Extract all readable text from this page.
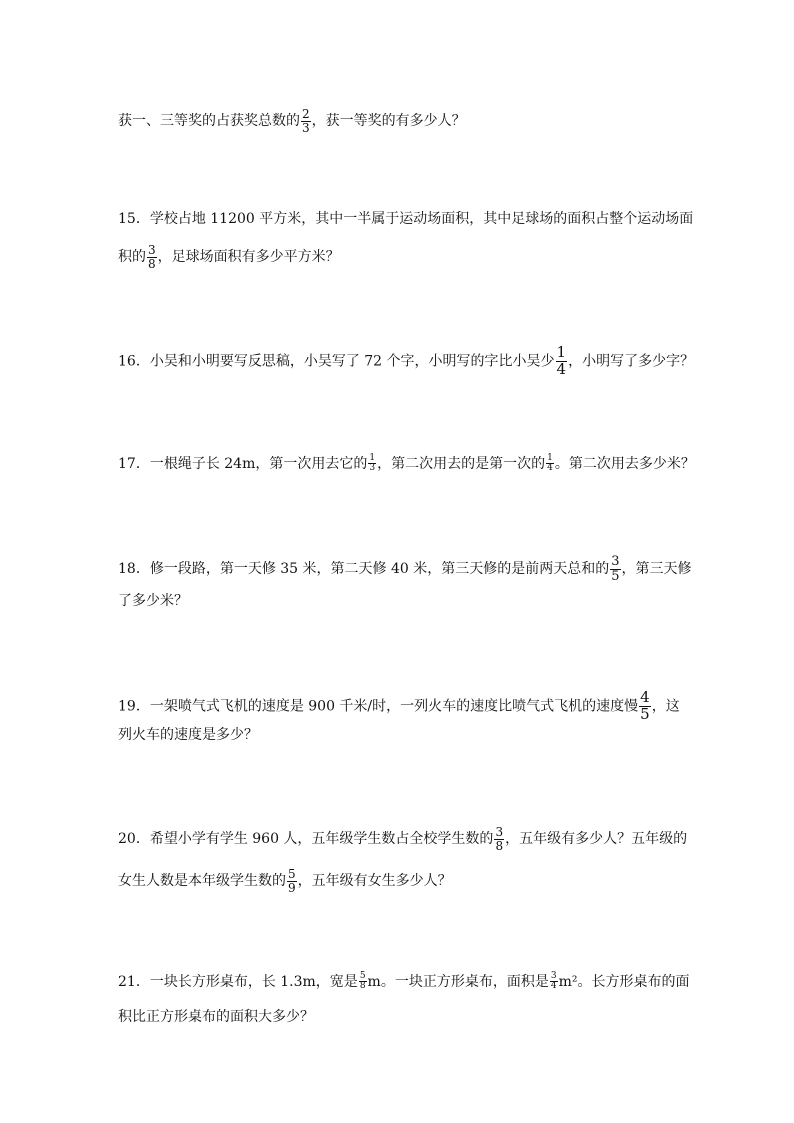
获一、三等奖的占获奖总数的 $\frac{2}{3}$ ，获一等奖的有多少人？
15．学校占地 11200 平方米，其中一半属于运动场面积，其中足球场的面积占整个运动场面
积的 $\frac{3}{8}$ ，足球场面积有多少平方米？
16．小吴和小明要写反思稿，小吴写了 72 个字，小明写的字比小吴少 $\frac{1}{4}$ ，小明写了多少字？
17．一根绳子长 24m，第一次用去它的 $\frac{1}{3}$ ，第二次用去的是第一次的 $\frac{1}{4}$ 。第二次用去多少米？
18．修一段路，第一天修 35 米，第二天修 40 米，第三天修的是前两天总和的 $\frac{3}{5}$ ，第三天修
了多少米？
19．一架喷气式飞机的速度是 900 千米/时，一列火车的速度比喷气式飞机的速度慢 $\frac{4}{5}$ ，这
列火车的速度是多少？
20．希望小学有学生 960 人，五年级学生数占全校学生数的 $\frac{3}{8}$ ，五年级有多少人？五年级的
女生人数是本年级学生数的 $\frac{5}{9}$ ，五年级有女生多少人？
21．一块长方形桌布，长 1.3m，宽是 $\frac{5}{8}$ m。一块正方形桌布，面积是 $\frac{3}{4} m^2$。长方形桌布的面
积比正方形桌布的面积大多少？
